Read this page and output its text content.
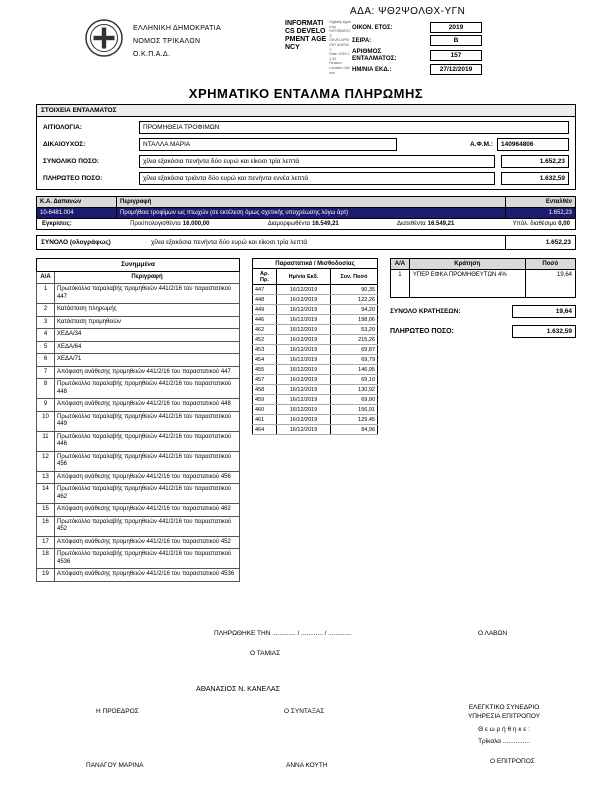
ΑΔΑ: ΨΘ2ΨΟΛΘΧ-ΥΓΝ
ΕΛΛΗΝΙΚΗ ΔΗΜΟΚΡΑΤΙΑ
ΝΟΜΟΣ ΤΡΙΚΑΛΩΝ
Ο.Κ.Π.Α.Δ.
INFORMATICS DEVELOPMENT AGENCY
Digitally signed by
INFORMATICS
DEVELOPMENT AGENCY
Date: 2019.12.30
Reason:
Location: Athens
ΟΙΚΟΝ. ΕΤΟΣ:	2019
ΣΕΙΡΑ:	Β
ΑΡΙΘΜΟΣ ΕΝΤΑΛΜΑΤΟΣ:	157
ΗΜ/ΝΙΑ ΕΚΔ.:	27/12/2019
ΧΡΗΜΑΤΙΚΟ ΕΝΤΑΛΜΑ ΠΛΗΡΩΜΗΣ
ΣΤΟΙΧΕΙΑ ΕΝΤΑΛΜΑΤΟΣ
ΑΙΤΙΟΛΟΓΙΑ:	ΠΡΟΜΗΘΕΙΑ ΤΡΟΦΙΜΩΝ
ΔΙΚΑΙΟΥΧΟΣ:	ΝΤΑΛΛΑ ΜΑΡΙΑ	Α.Φ.Μ.:	140964806
ΣΥΝΟΛΙΚΟ ΠΟΣΟ:	χίλια εξακόσια πενήντα δύο ευρώ και είκοσι τρία λεπτά	1.652,23
ΠΛΗΡΩΤΕΟ ΠΟΣΟ:	χίλια εξακόσια τριάντα δύο ευρώ και πενήντα εννέα λεπτά	1.632,59
Κ.Α. Δαπανών	Περιγραφή	Ενταλθέν
10-6481.004	Προμήθεια τροφίμων ως πτωχών (σε εκτέλεση όμως σχετικής υποχρέωσης λόγω άρτ)	1.652,23
Εγκρίσεις:	Προϋπολογισθέντα 16.000,00	Διαμορφωθέντα 16.549,21	Διατεθέντα 16.549,21	Υπόλ. διαθέσιμο 0,00
ΣΥΝΟΛΟ (ολογράφως)	χίλια εξακόσια πενήντα δύο ευρώ και είκοσι τρία λεπτά	1.652,23
Συνημμένα	
Α/Α	Περιγραφή
1	Πρωτόκολλο παραλαβής προμηθειών 441/2/16 του παραστατικού 447
2	Κατάσταση πληρωμής
3	Κατάσταση προμηθειών
4	ΧΕΔΑ/34
5	ΧΕΔΑ/64
6	ΧΕΔΑ/71
7	Απόφαση ανάθεσης προμηθειών 441/2/16 του παραστατικού 447
8	Πρωτόκολλο παραλαβής προμηθειών 441/2/16 του παραστατικού 448
9	Απόφαση ανάθεσης προμηθειών 441/2/16 του παραστατικού 448
10	Πρωτόκολλο παραλαβής προμηθειών 441/2/16 του παραστατικού 449
11	Πρωτόκολλο παραλαβής προμηθειών 441/2/16 του παραστατικού 446
12	Πρωτόκολλο παραλαβής προμηθειών 441/2/16 του παραστατικού 456
13	Απόφαση ανάθεσης προμηθειών 441/2/16 του παραστατικού 456
14	Πρωτόκολλο παραλαβής προμηθειών 441/2/16 του παραστατικού 462
15	Απόφαση ανάθεσης προμηθειών 441/2/16 του παραστατικού 462
16	Πρωτόκολλο παραλαβής προμηθειών 441/2/16 του παραστατικού 452
17	Απόφαση ανάθεσης προμηθειών 441/2/16 του παραστατικού 452
18	Πρωτόκολλο παραλαβής προμηθειών 441/2/16 του παραστατικού 4536
19	Απόφαση ανάθεσης προμηθειών 441/2/16 του παραστατικού 4536
Παραστατικά / Μισθοδοσίας		
Αρ. Πρ.	Ημ/νία Εκδ.	Συν. Ποσό
447	16/12/2019	90,35
448	16/12/2019	122,26
449	16/12/2019	94,20
446	16/12/2019	198,06
462	16/12/2019	53,20
452	16/12/2019	215,26
453	16/12/2019	69,87
454	16/12/2019	69,79
455	16/12/2019	146,95
457	16/12/2019	69,10
458	16/12/2019	130,92
459	16/12/2019	69,90
460	16/12/2019	156,91
461	16/12/2019	129,45
464	16/12/2019	84,96
Α/Α	Κράτηση	Ποσό
1	ΥΠΕΡ ΕΦΚΑ ΠΡΟΜΗΘΕΥΤΩΝ 4%	19,64
ΣΥΝΟΛΟ ΚΡΑΤΗΣΕΩΝ:	19,64
ΠΛΗΡΩΤΕΟ ΠΟΣΟ:	1.632,59
ΠΛΗΡΩΘΗΚΕ ΤΗΝ ............. / ............ / .............	Ο ΛΑΒΩΝ
Ο ΤΑΜΙΑΣ
ΑΘΑΝΑΣΙΟΣ Ν. ΚΑΝΕΛΑΣ
Η ΠΡΟΕΔΡΟΣ	Ο ΣΥΝΤΑΞΑΣ
ΕΛΕΓΚΤΙΚΟ ΣΥΝΕΔΡΙΟ
ΥΠΗΡΕΣΙΑ ΕΠΙΤΡΟΠΟΥ
Θ ε ω ρ ή θ η κ ε :
Τρίκαλα ...............
ΠΑΝΑΓΟΥ ΜΑΡΙΝΑ	ΑΝΝΑ ΚΟΥΤΗ
Ο ΕΠΙΤΡΟΠΟΣ
